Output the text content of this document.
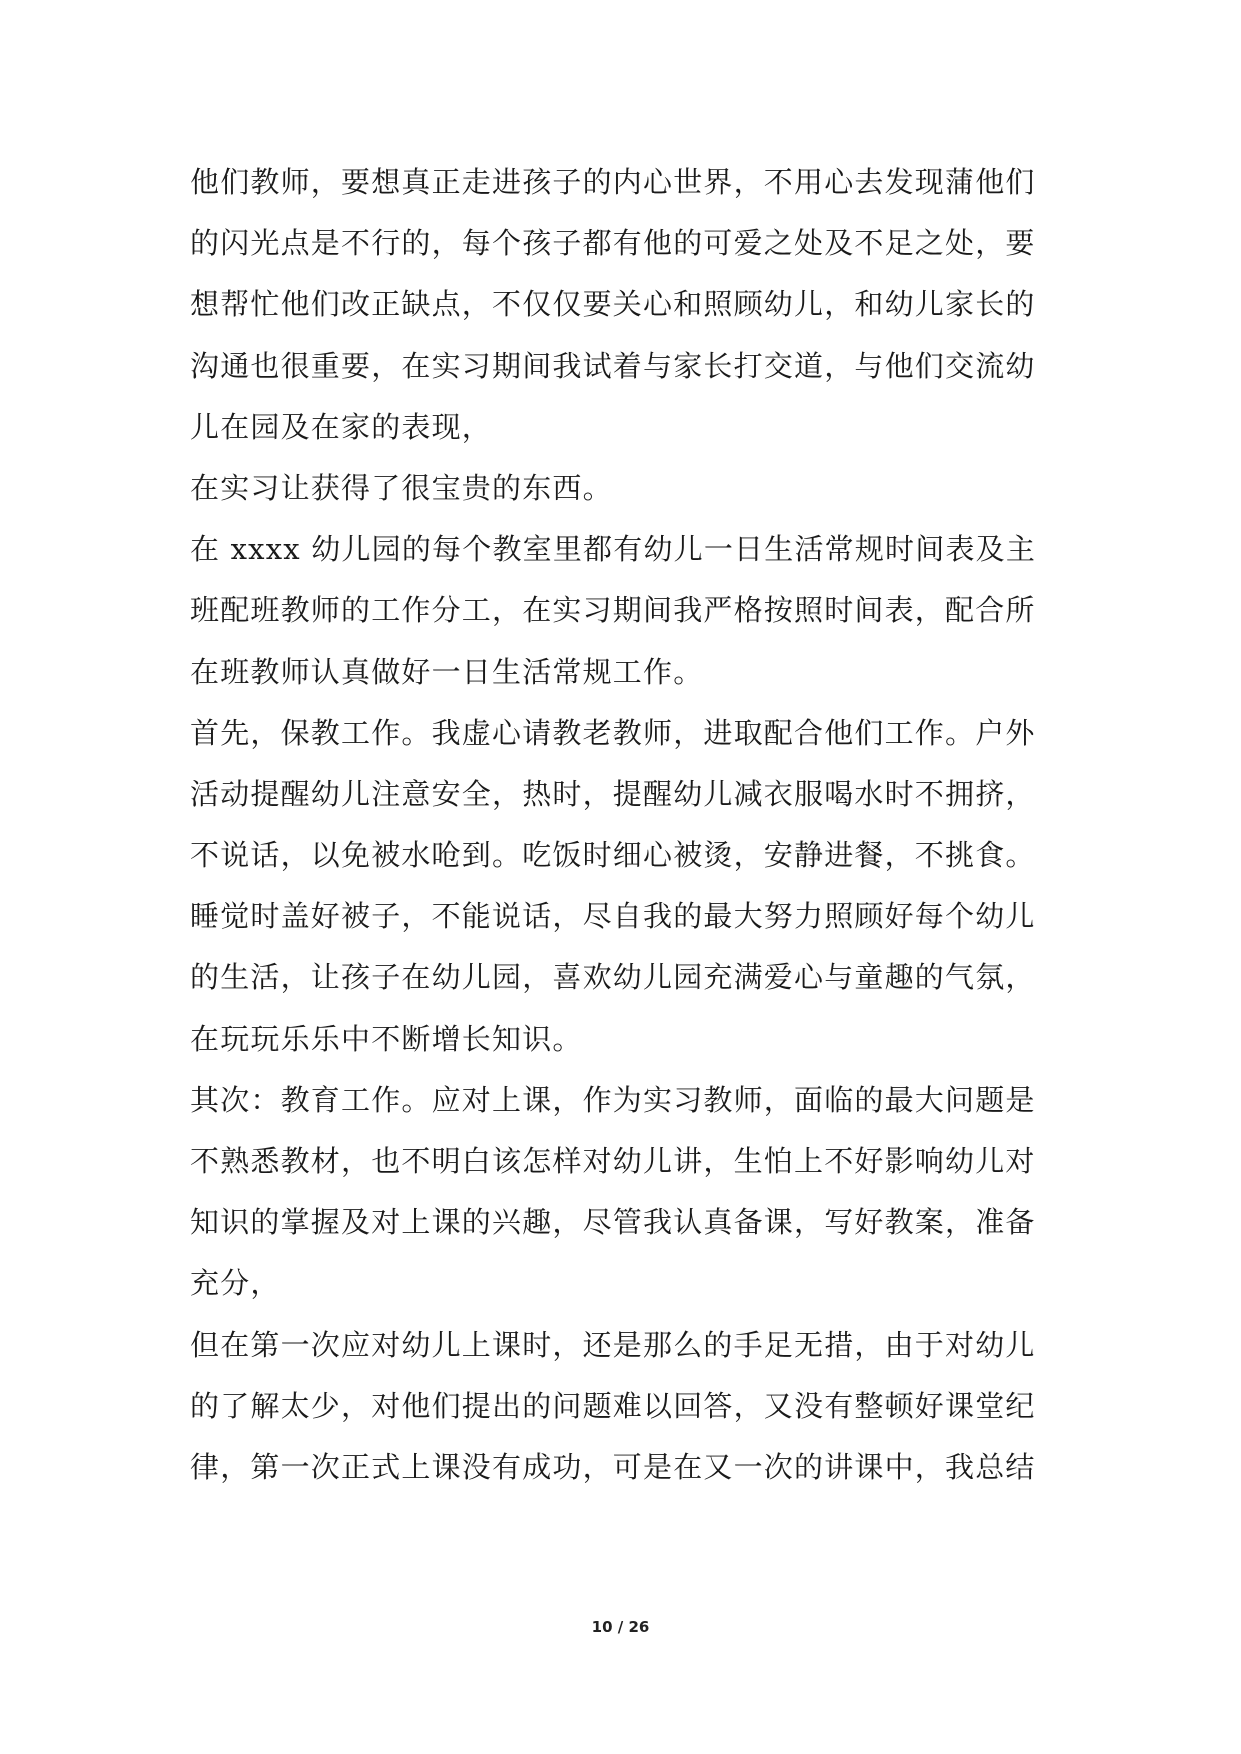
他们教师，要想真正走进孩子的内心世界，不用心去发现蒲他们
的闪光点是不行的，每个孩子都有他的可爱之处及不足之处，要
想帮忙他们改正缺点，不仅仅要关心和照顾幼儿，和幼儿家长的
沟通也很重要，在实习期间我试着与家长打交道，与他们交流幼
儿在园及在家的表现，
在实习让获得了很宝贵的东西。
在 xxxx 幼儿园的每个教室里都有幼儿一日生活常规时间表及主
班配班教师的工作分工，在实习期间我严格按照时间表，配合所
在班教师认真做好一日生活常规工作。
首先，保教工作。我虚心请教老教师，进取配合他们工作。户外
活动提醒幼儿注意安全，热时，提醒幼儿减衣服喝水时不拥挤，
不说话，以免被水呛到。吃饭时细心被烫，安静进餐，不挑食。
睡觉时盖好被子，不能说话，尽自我的最大努力照顾好每个幼儿
的生活，让孩子在幼儿园，喜欢幼儿园充满爱心与童趣的气氛，
在玩玩乐乐中不断增长知识。
其次：教育工作。应对上课，作为实习教师，面临的最大问题是
不熟悉教材，也不明白该怎样对幼儿讲，生怕上不好影响幼儿对
知识的掌握及对上课的兴趣，尽管我认真备课，写好教案，准备
充分，
但在第一次应对幼儿上课时，还是那么的手足无措，由于对幼儿
的了解太少，对他们提出的问题难以回答，又没有整顿好课堂纪
律，第一次正式上课没有成功，可是在又一次的讲课中，我总结
10 / 26
